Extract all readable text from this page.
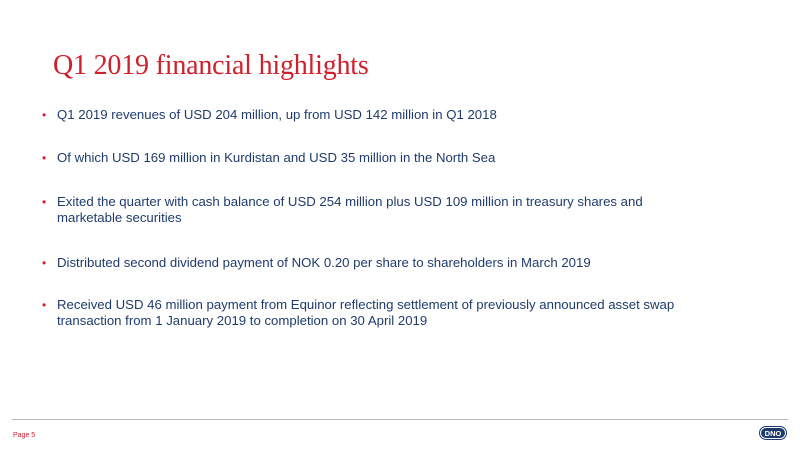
Q1 2019 financial highlights
• Q1 2019 revenues of USD 204 million, up from USD 142 million in Q1 2018
• Of which USD 169 million in Kurdistan and USD 35 million in the North Sea
• Exited the quarter with cash balance of USD 254 million plus USD 109 million in treasury shares and marketable securities
• Distributed second dividend payment of NOK 0.20 per share to shareholders in March 2019
• Received USD 46 million payment from Equinor reflecting settlement of previously announced asset swap transaction from 1 January 2019 to completion on 30 April 2019
Page 5	DNO
